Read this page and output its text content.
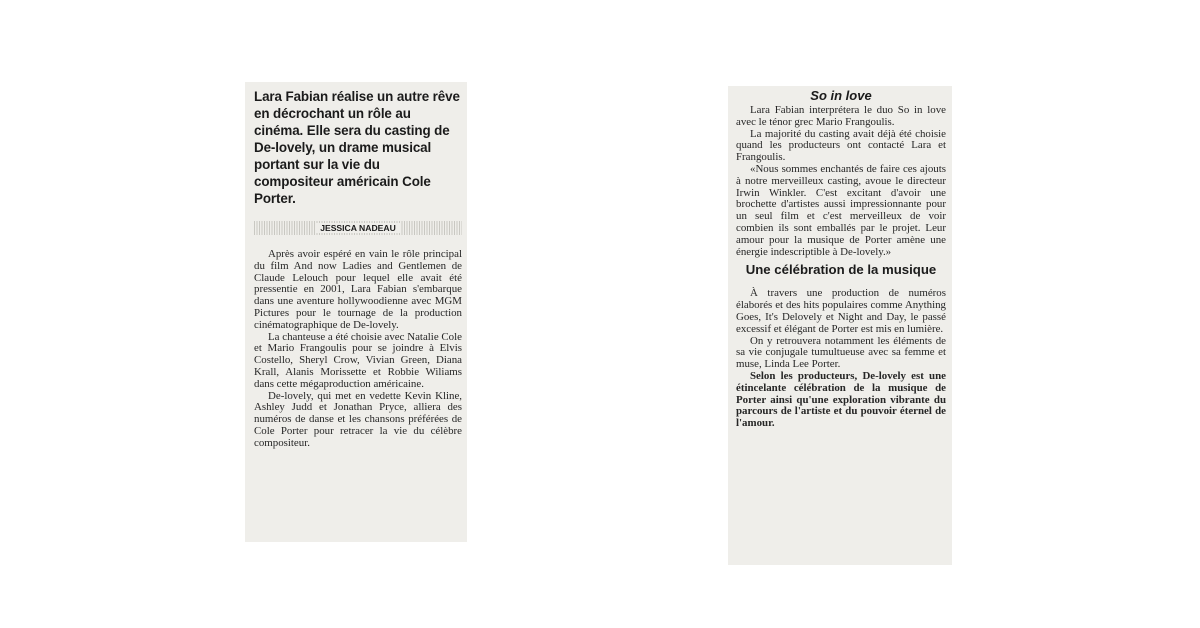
Lara Fabian réalise un autre rêve en décrochant un rôle au cinéma. Elle sera du casting de De-lovely, un drame musical portant sur la vie du compositeur américain Cole Porter.

JESSICA NADEAU

Après avoir espéré en vain le rôle principal du film And now Ladies and Gentlemen de Claude Lelouch pour lequel elle avait été pressentie en 2001, Lara Fabian s'embarque dans une aventure hollywoodienne avec MGM Pictures pour le tournage de la production cinématographique de De-lovely.

La chanteuse a été choisie avec Natalie Cole et Mario Frangoulis pour se joindre à Elvis Costello, Sheryl Crow, Vivian Green, Diana Krall, Alanis Morissette et Robbie Wiliams dans cette mégaproduction américaine.

De-lovely, qui met en vedette Kevin Kline, Ashley Judd et Jonathan Pryce, alliera des numéros de danse et les chansons préférées de Cole Porter pour retracer la vie du célèbre compositeur.

So in love

Lara Fabian interprétera le duo So in love avec le ténor grec Mario Frangoulis.

La majorité du casting avait déjà été choisie quand les producteurs ont contacté Lara et Frangoulis.

«Nous sommes enchantés de faire ces ajouts à notre merveilleux casting, avoue le directeur Irwin Winkler. C'est excitant d'avoir une brochette d'artistes aussi impressionnante pour un seul film et c'est merveilleux de voir combien ils sont emballés par le projet. Leur amour pour la musique de Porter amène une énergie indescriptible à De-lovely.»

Une célébration de la musique

À travers une production de numéros élaborés et des hits populaires comme Anything Goes, It's Delovely et Night and Day, le passé excessif et élégant de Porter est mis en lumière.

On y retrouvera notamment les éléments de sa vie conjugale tumultueuse avec sa femme et muse, Linda Lee Porter.

Selon les producteurs, De-lovely est une étincelante célébration de la musique de Porter ainsi qu'une exploration vibrante du parcours de l'artiste et du pouvoir éternel de l'amour.
